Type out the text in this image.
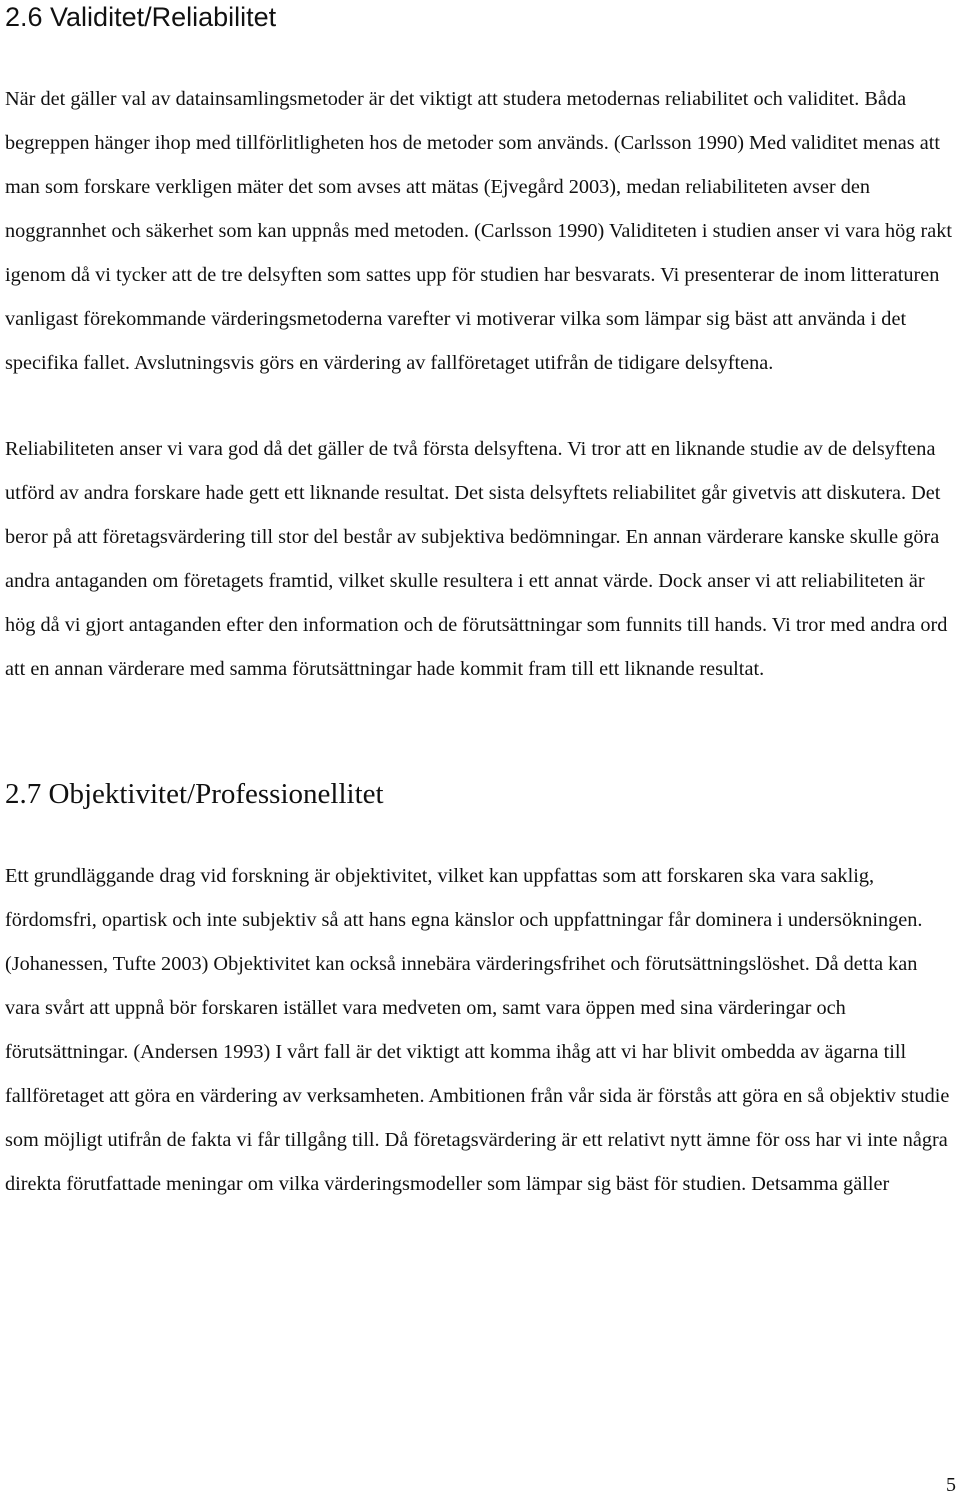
2.6 Validitet/Reliabilitet

När det gäller val av datainsamlingsmetoder är det viktigt att studera metodernas reliabilitet och validitet. Båda begreppen hänger ihop med tillförlitligheten hos de metoder som används. (Carlsson 1990) Med validitet menas att man som forskare verkligen mäter det som avses att mätas (Ejvegård 2003), medan reliabiliteten avser den noggrannhet och säkerhet som kan uppnås med metoden. (Carlsson 1990) Validiteten i studien anser vi vara hög rakt igenom då vi tycker att de tre delsyften som sattes upp för studien har besvarats. Vi presenterar de inom litteraturen vanligast förekommande värderingsmetoderna varefter vi motiverar vilka som lämpar sig bäst att använda i det specifika fallet. Avslutningsvis görs en värdering av fallföretaget utifrån de tidigare delsyftena.

Reliabiliteten anser vi vara god då det gäller de två första delsyftena. Vi tror att en liknande studie av de delsyftena utförd av andra forskare hade gett ett liknande resultat. Det sista delsyftets reliabilitet går givetvis att diskutera. Det beror på att företagsvärdering till stor del består av subjektiva bedömningar. En annan värderare kanske skulle göra andra antaganden om företagets framtid, vilket skulle resultera i ett annat värde. Dock anser vi att reliabiliteten är hög då vi gjort antaganden efter den information och de förutsättningar som funnits till hands. Vi tror med andra ord att en annan värderare med samma förutsättningar hade kommit fram till ett liknande resultat.

2.7 Objektivitet/Professionellitet

Ett grundläggande drag vid forskning är objektivitet, vilket kan uppfattas som att forskaren ska vara saklig, fördomsfri, opartisk och inte subjektiv så att hans egna känslor och uppfattningar får dominera i undersökningen. (Johanessen, Tufte 2003) Objektivitet kan också innebära värderingsfrihet och förutsättningslöshet. Då detta kan vara svårt att uppnå bör forskaren istället vara medveten om, samt vara öppen med sina värderingar och förutsättningar. (Andersen 1993) I vårt fall är det viktigt att komma ihåg att vi har blivit ombedda av ägarna till fallföretaget att göra en värdering av verksamheten. Ambitionen från vår sida är förstås att göra en så objektiv studie som möjligt utifrån de fakta vi får tillgång till. Då företagsvärdering är ett relativt nytt ämne för oss har vi inte några direkta förutfattade meningar om vilka värderingsmodeller som lämpar sig bäst för studien. Detsamma gäller

5
